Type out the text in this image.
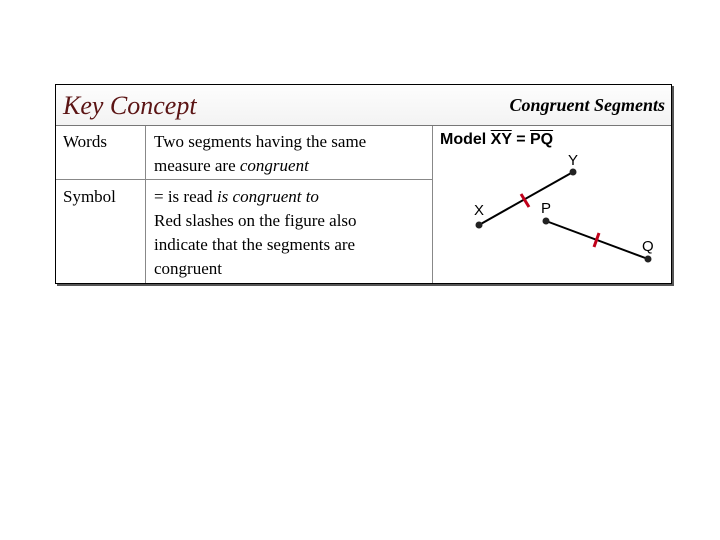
Key Concept	Congruent Segments
Words	Two segments having the same
measure are congruent
Symbol = is read is congruent to
Red slashes on the figure also
indicate that the segments are
congruent
Model $\overline{XY} = \overline{PQ}$
X
Y
P
Q
